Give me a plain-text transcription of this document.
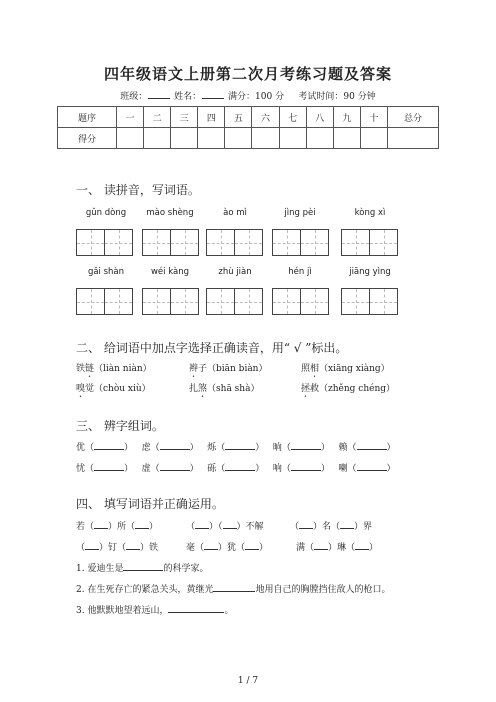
四年级语文上册第二次月考练习题及答案
班级：	姓名：	满分：100 分 考试时间：90 分钟
题序	一	二	三	四	五	六	七	八	九	十	总分
得分											
一、 读拼音，写词语。
gǔn dòng	mào shèng	ào mì	jìng pèi	kòng xì
gǎi shàn	wéi kàng	zhù jiàn	hén jì	jiāng yìng
二、 给词语中加点字选择正确读音，用“ √ ”标出。
铁链（liàn niàn）	辫子（biān biàn）	照相（xiāng xiàng）
嗅觉（chòu xiù）	扎煞（shā shà）	拯救（zhěng chéng）
三、 辨字组词。
优（	）   虑（	）   烁（	）   晌（	）   赖（	）
忧（	）   虚（	）   砾（	）   响（	）   喇（	）
四、 填写词语并正确运用。
若（ ）所（ ）	（ ）（ ）不解	（ ）名（ ）界
（ ）钉（ ）铁	毫（ ）犹（ ）	满（ ）琳（ ）
1. 爱迪生是	的科学家。
2. 在生死存亡的紧急关头，黄继光	地用自己的胸膛挡住敌人的枪口。
3. 他默默地望着远山，	。
1 / 7
